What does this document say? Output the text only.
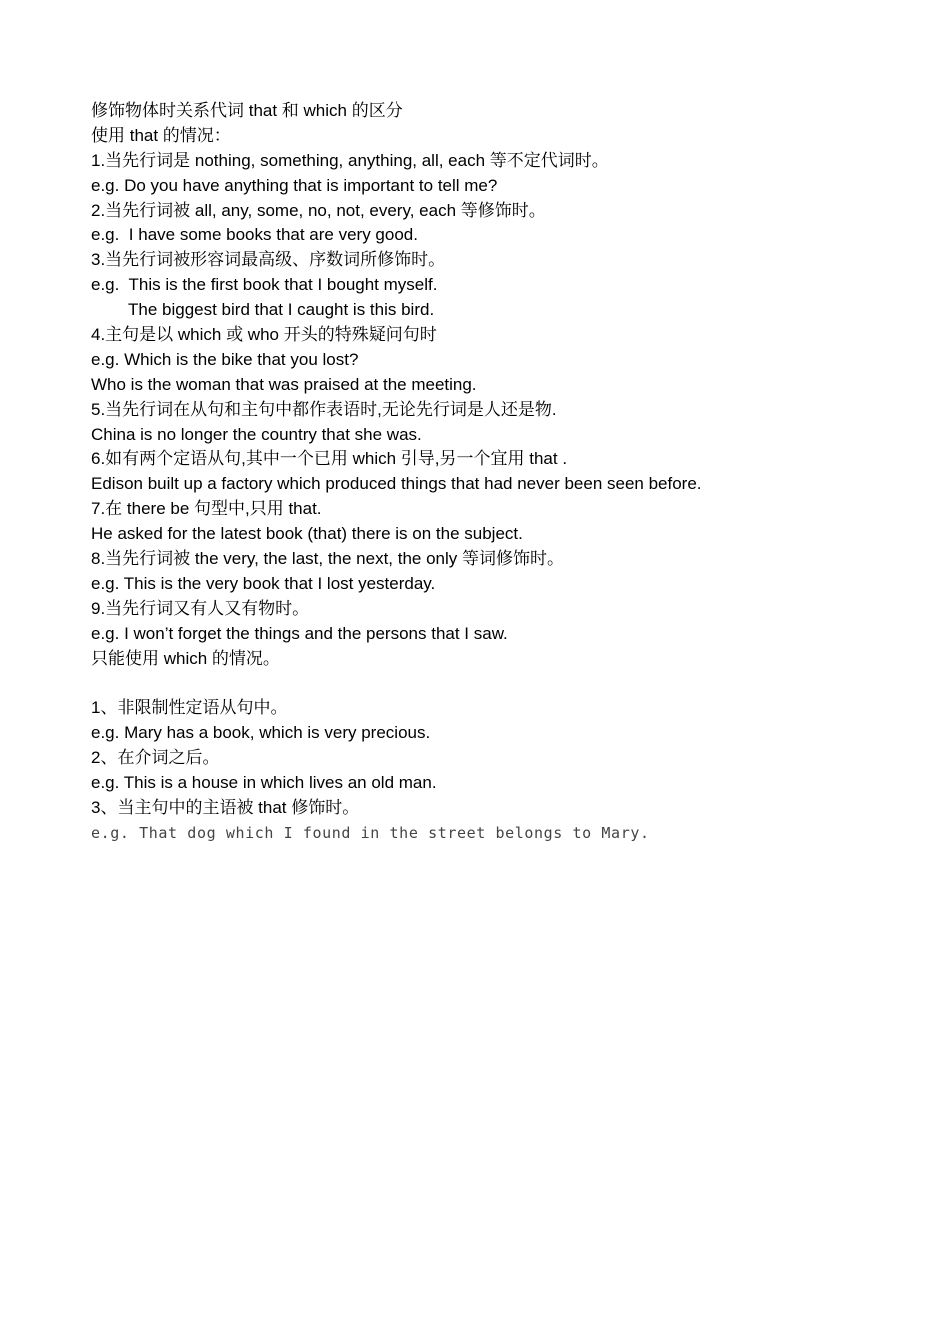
修饰物体时关系代词 that 和 which 的区分
使用 that 的情况：
1.当先行词是 nothing, something, anything, all, each 等不定代词时。
e.g. Do you have anything that is important to tell me?
2.当先行词被 all, any, some, no, not, every, each 等修饰时。
e.g.  I have some books that are very good.
3.当先行词被形容词最高级、序数词所修饰时。
e.g.  This is the first book that I bought myself.
The biggest bird that I caught is this bird.
4.主句是以 which 或 who 开头的特殊疑问句时
e.g. Which is the bike that you lost?
Who is the woman that was praised at the meeting.
5.当先行词在从句和主句中都作表语时,无论先行词是人还是物.
China is no longer the country that she was.
6.如有两个定语从句,其中一个已用 which 引导,另一个宜用 that .
Edison built up a factory which produced things that had never been seen before.
7.在 there be 句型中,只用 that.
He asked for the latest book (that) there is on the subject.
8.当先行词被 the very, the last, the next, the only 等词修饰时。
e.g. This is the very book that I lost yesterday.
9.当先行词又有人又有物时。
e.g. I won’t forget the things and the persons that I saw.
只能使用 which 的情况。
1、非限制性定语从句中。
e.g. Mary has a book, which is very precious.
2、在介词之后。
e.g. This is a house in which lives an old man.
3、当主句中的主语被 that 修饰时。
e.g. That dog which I found in the street belongs to Mary.
